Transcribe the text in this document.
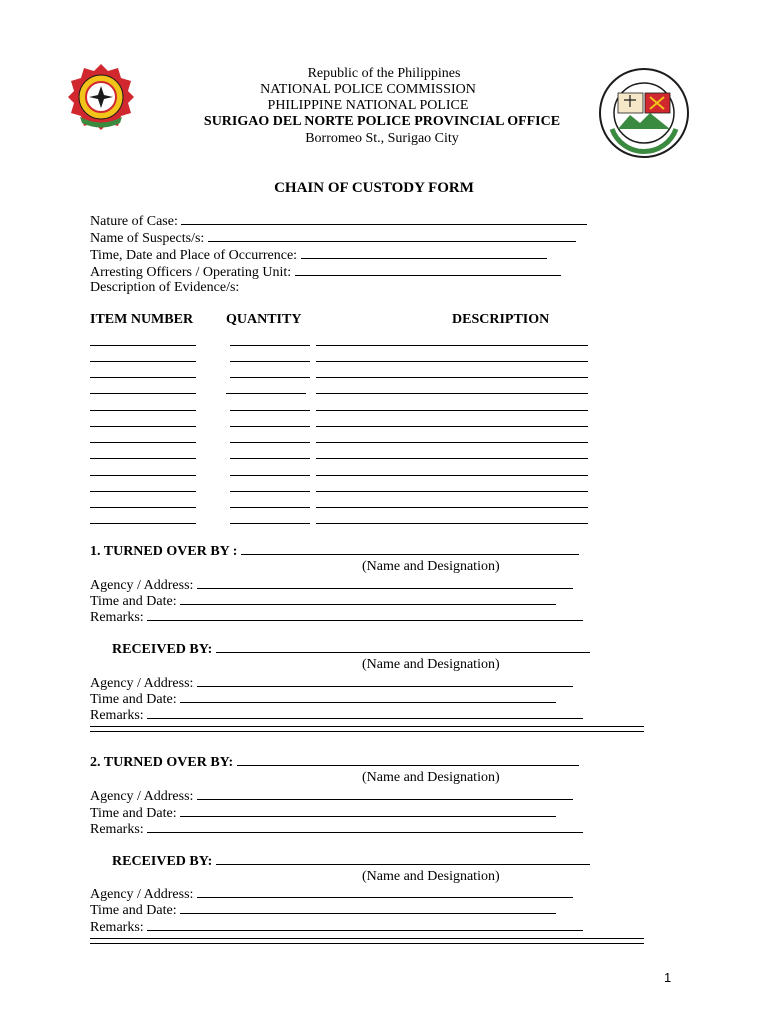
Republic of the Philippines
NATIONAL POLICE COMMISSION
PHILIPPINE NATIONAL POLICE
SURIGAO DEL NORTE POLICE PROVINCIAL OFFICE
Borromeo St., Surigao City
CHAIN OF CUSTODY FORM
Nature of Case:
Name of Suspects/s:
Time, Date and Place of Occurrence:
Arresting Officers / Operating Unit:
Description of Evidence/s:
ITEM NUMBER QUANTITY	DESCRIPTION
1. TURNED OVER BY :
(Name and Designation)
Agency / Address:
Time and Date:
Remarks:
RECEIVED BY:
(Name and Designation)
Agency / Address:
Time and Date:
Remarks:
2. TURNED OVER BY:
(Name and Designation)
Agency / Address:
Time and Date:
Remarks:
RECEIVED BY:
(Name and Designation)
Agency / Address:
Time and Date:
Remarks:
1
